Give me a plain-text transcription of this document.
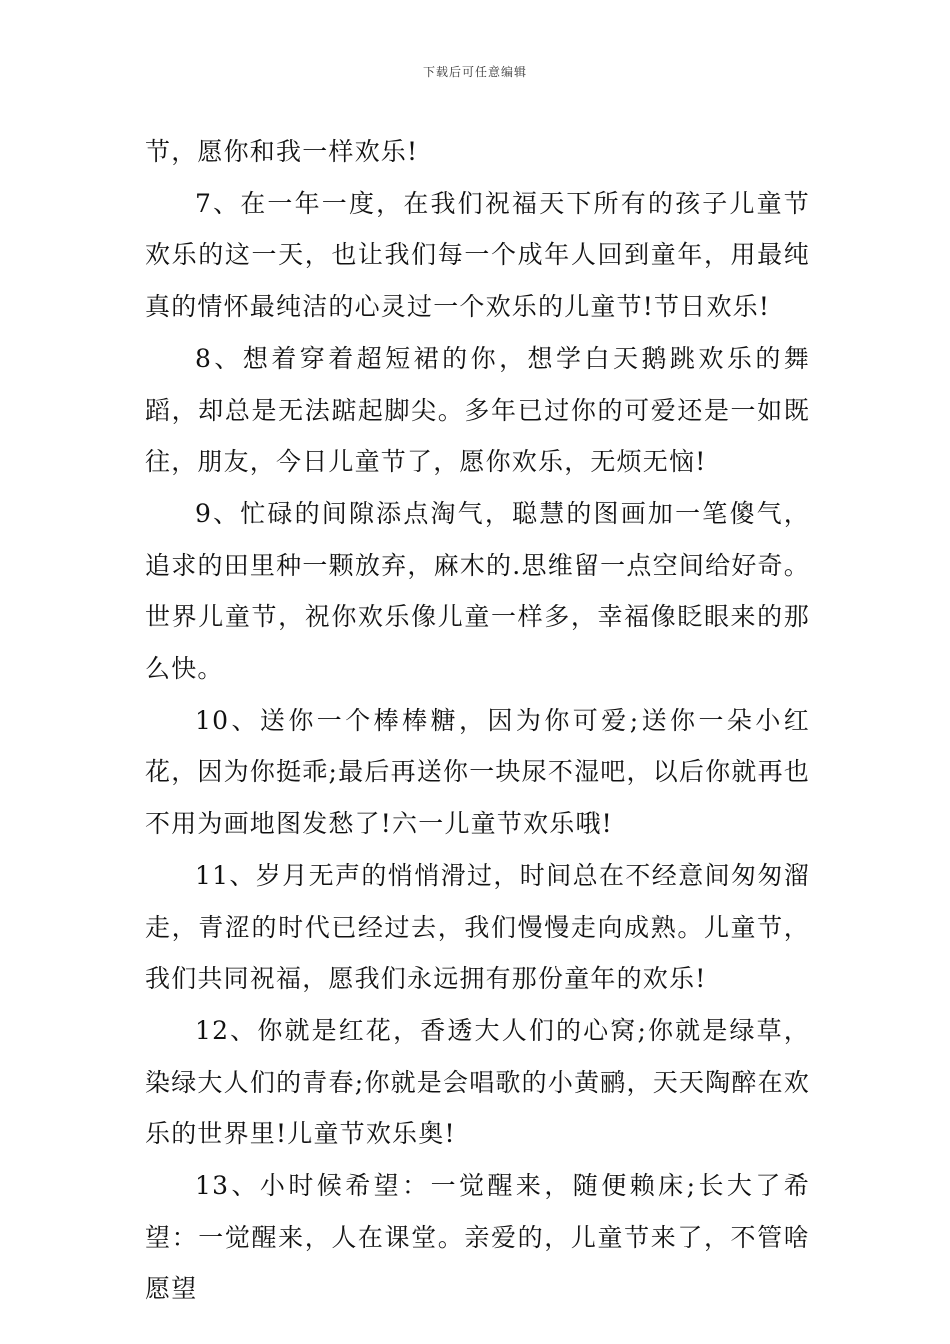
下载后可任意编辑

节，愿你和我一样欢乐!

7、在一年一度，在我们祝福天下所有的孩子儿童节欢乐的这一天，也让我们每一个成年人回到童年，用最纯真的情怀最纯洁的心灵过一个欢乐的儿童节!节日欢乐!

8、想着穿着超短裙的你，想学白天鹅跳欢乐的舞蹈，却总是无法踮起脚尖。多年已过你的可爱还是一如既往，朋友，今日儿童节了，愿你欢乐，无烦无恼!

9、忙碌的间隙添点淘气，聪慧的图画加一笔傻气，追求的田里种一颗放弃，麻木的.思维留一点空间给好奇。世界儿童节，祝你欢乐像儿童一样多，幸福像眨眼来的那么快。

10、送你一个棒棒糖，因为你可爱;送你一朵小红花，因为你挺乖;最后再送你一块尿不湿吧，以后你就再也不用为画地图发愁了!六一儿童节欢乐哦!

11、岁月无声的悄悄滑过，时间总在不经意间匆匆溜走，青涩的时代已经过去，我们慢慢走向成熟。儿童节，我们共同祝福，愿我们永远拥有那份童年的欢乐!

12、你就是红花，香透大人们的心窝;你就是绿草，染绿大人们的青春;你就是会唱歌的小黄鹂，天天陶醉在欢乐的世界里!儿童节欢乐奥!

13、小时候希望：一觉醒来，随便赖床;长大了希望：一觉醒来，人在课堂。亲爱的，儿童节来了，不管啥愿望
